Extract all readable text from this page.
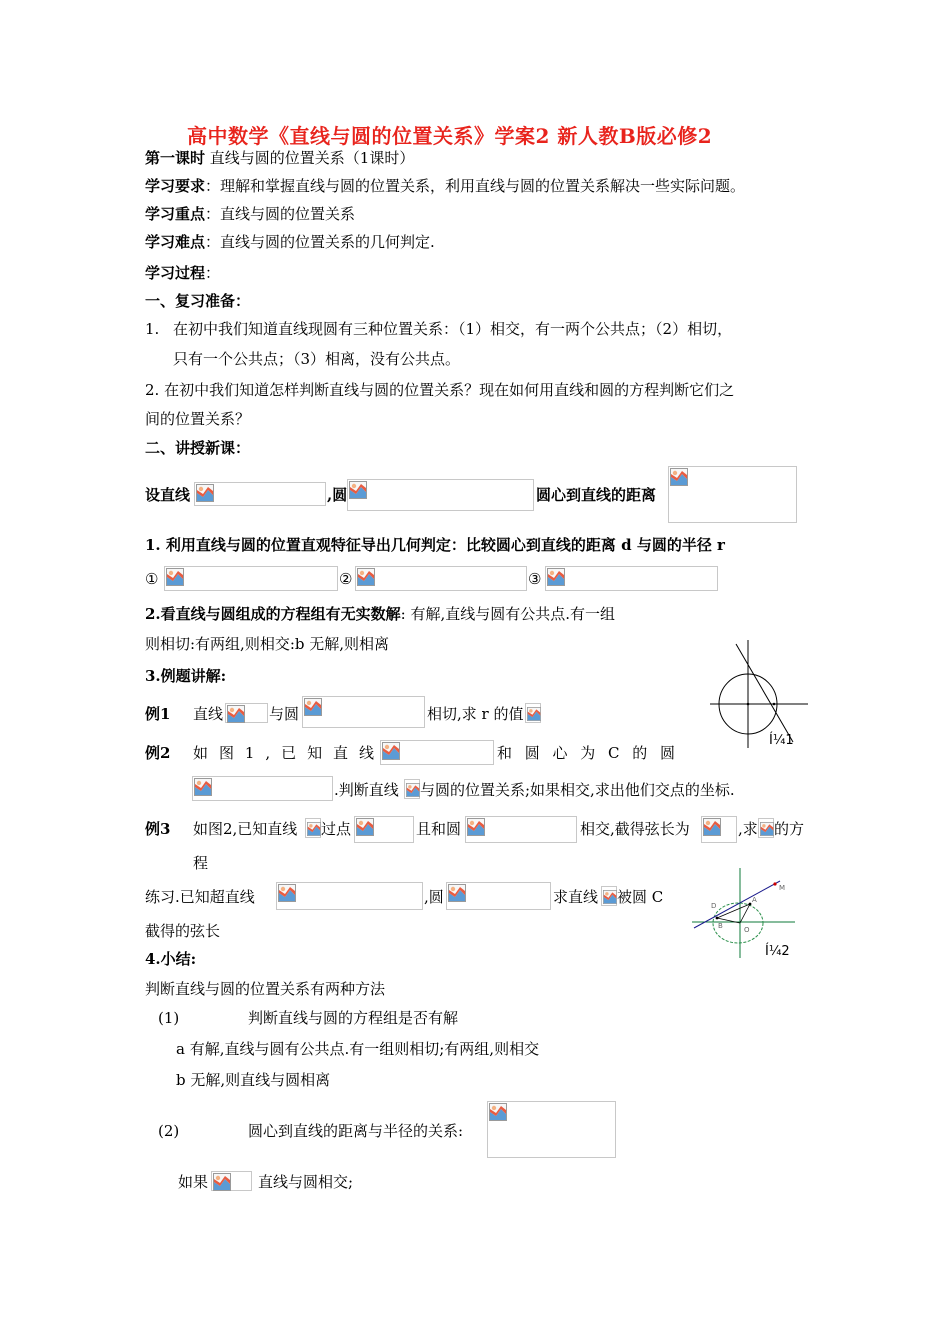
高中数学《直线与圆的位置关系》学案2 新人教B版必修2
第一课时 直线与圆的位置关系（1课时）
学习要求：理解和掌握直线与圆的位置关系，利用直线与圆的位置关系解决一些实际问题。
学习重点：直线与圆的位置关系
学习难点：直线与圆的位置关系的几何判定.
学习过程：
一、复习准备：
1. 在初中我们知道直线现圆有三种位置关系：（1）相交，有一两个公共点；（2）相切，
只有一个公共点；（3）相离，没有公共点。
2. 在初中我们知道怎样判断直线与圆的位置关系？现在如何用直线和圆的方程判断它们之
间的位置关系？
二、讲授新课：
设直线	,圆	圆心到直线的距离
1. 利用直线与圆的位置直观特征导出几何判定：比较圆心到直线的距离 d 与圆的半径 r
①	②	③
2.看直线与圆组成的方程组有无实数解: 有解,直线与圆有公共点.有一组
则相切:有两组,则相交:b 无解,则相离
3.例题讲解:
Í¼1
例1 直线	与圆	相切,求 r 的值
例2 如 图 1 , 已 知 直 线	和 圆 心 为 C 的 圆
.判断直线 与圆的位置关系;如果相交,求出他们交点的坐标.
例3 如图2,已知直线 过点	且和圆	相交,截得弦长为	,求 的方
程
M
D
A
B	O
Í¼2
练习.已知超直线	,圆	求直线 被圆 C
截得的弦长
4.小结:
判断直线与圆的位置关系有两种方法
(1)	判断直线与圆的方程组是否有解
a 有解,直线与圆有公共点.有一组则相切;有两组,则相交
b 无解,则直线与圆相离
(2)	圆心到直线的距离与半径的关系:
如果	直线与圆相交;
